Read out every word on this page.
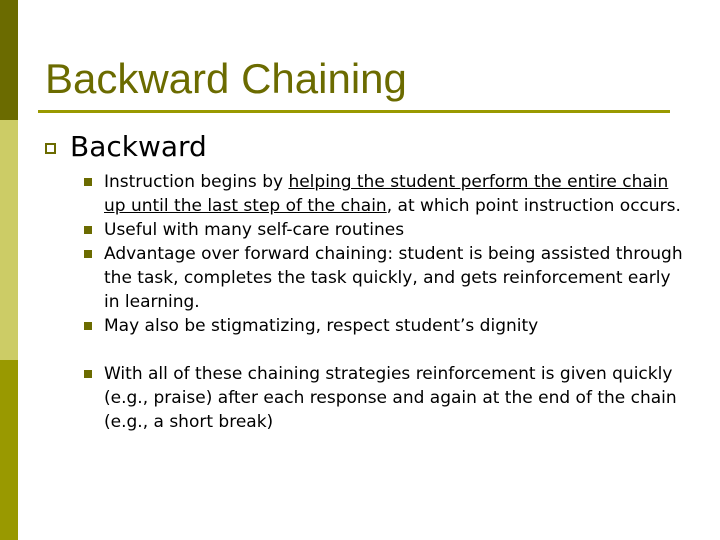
Backward Chaining
Backward
Instruction begins by helping the student perform the entire chain up until the last step of the chain, at which point instruction occurs.
Useful with many self-care routines
Advantage over forward chaining: student is being assisted through the task, completes the task quickly, and gets reinforcement early in learning.
May also be stigmatizing, respect student’s dignity
With all of these chaining strategies reinforcement is given quickly (e.g., praise) after each response and again at the end of the chain (e.g., a short break)
